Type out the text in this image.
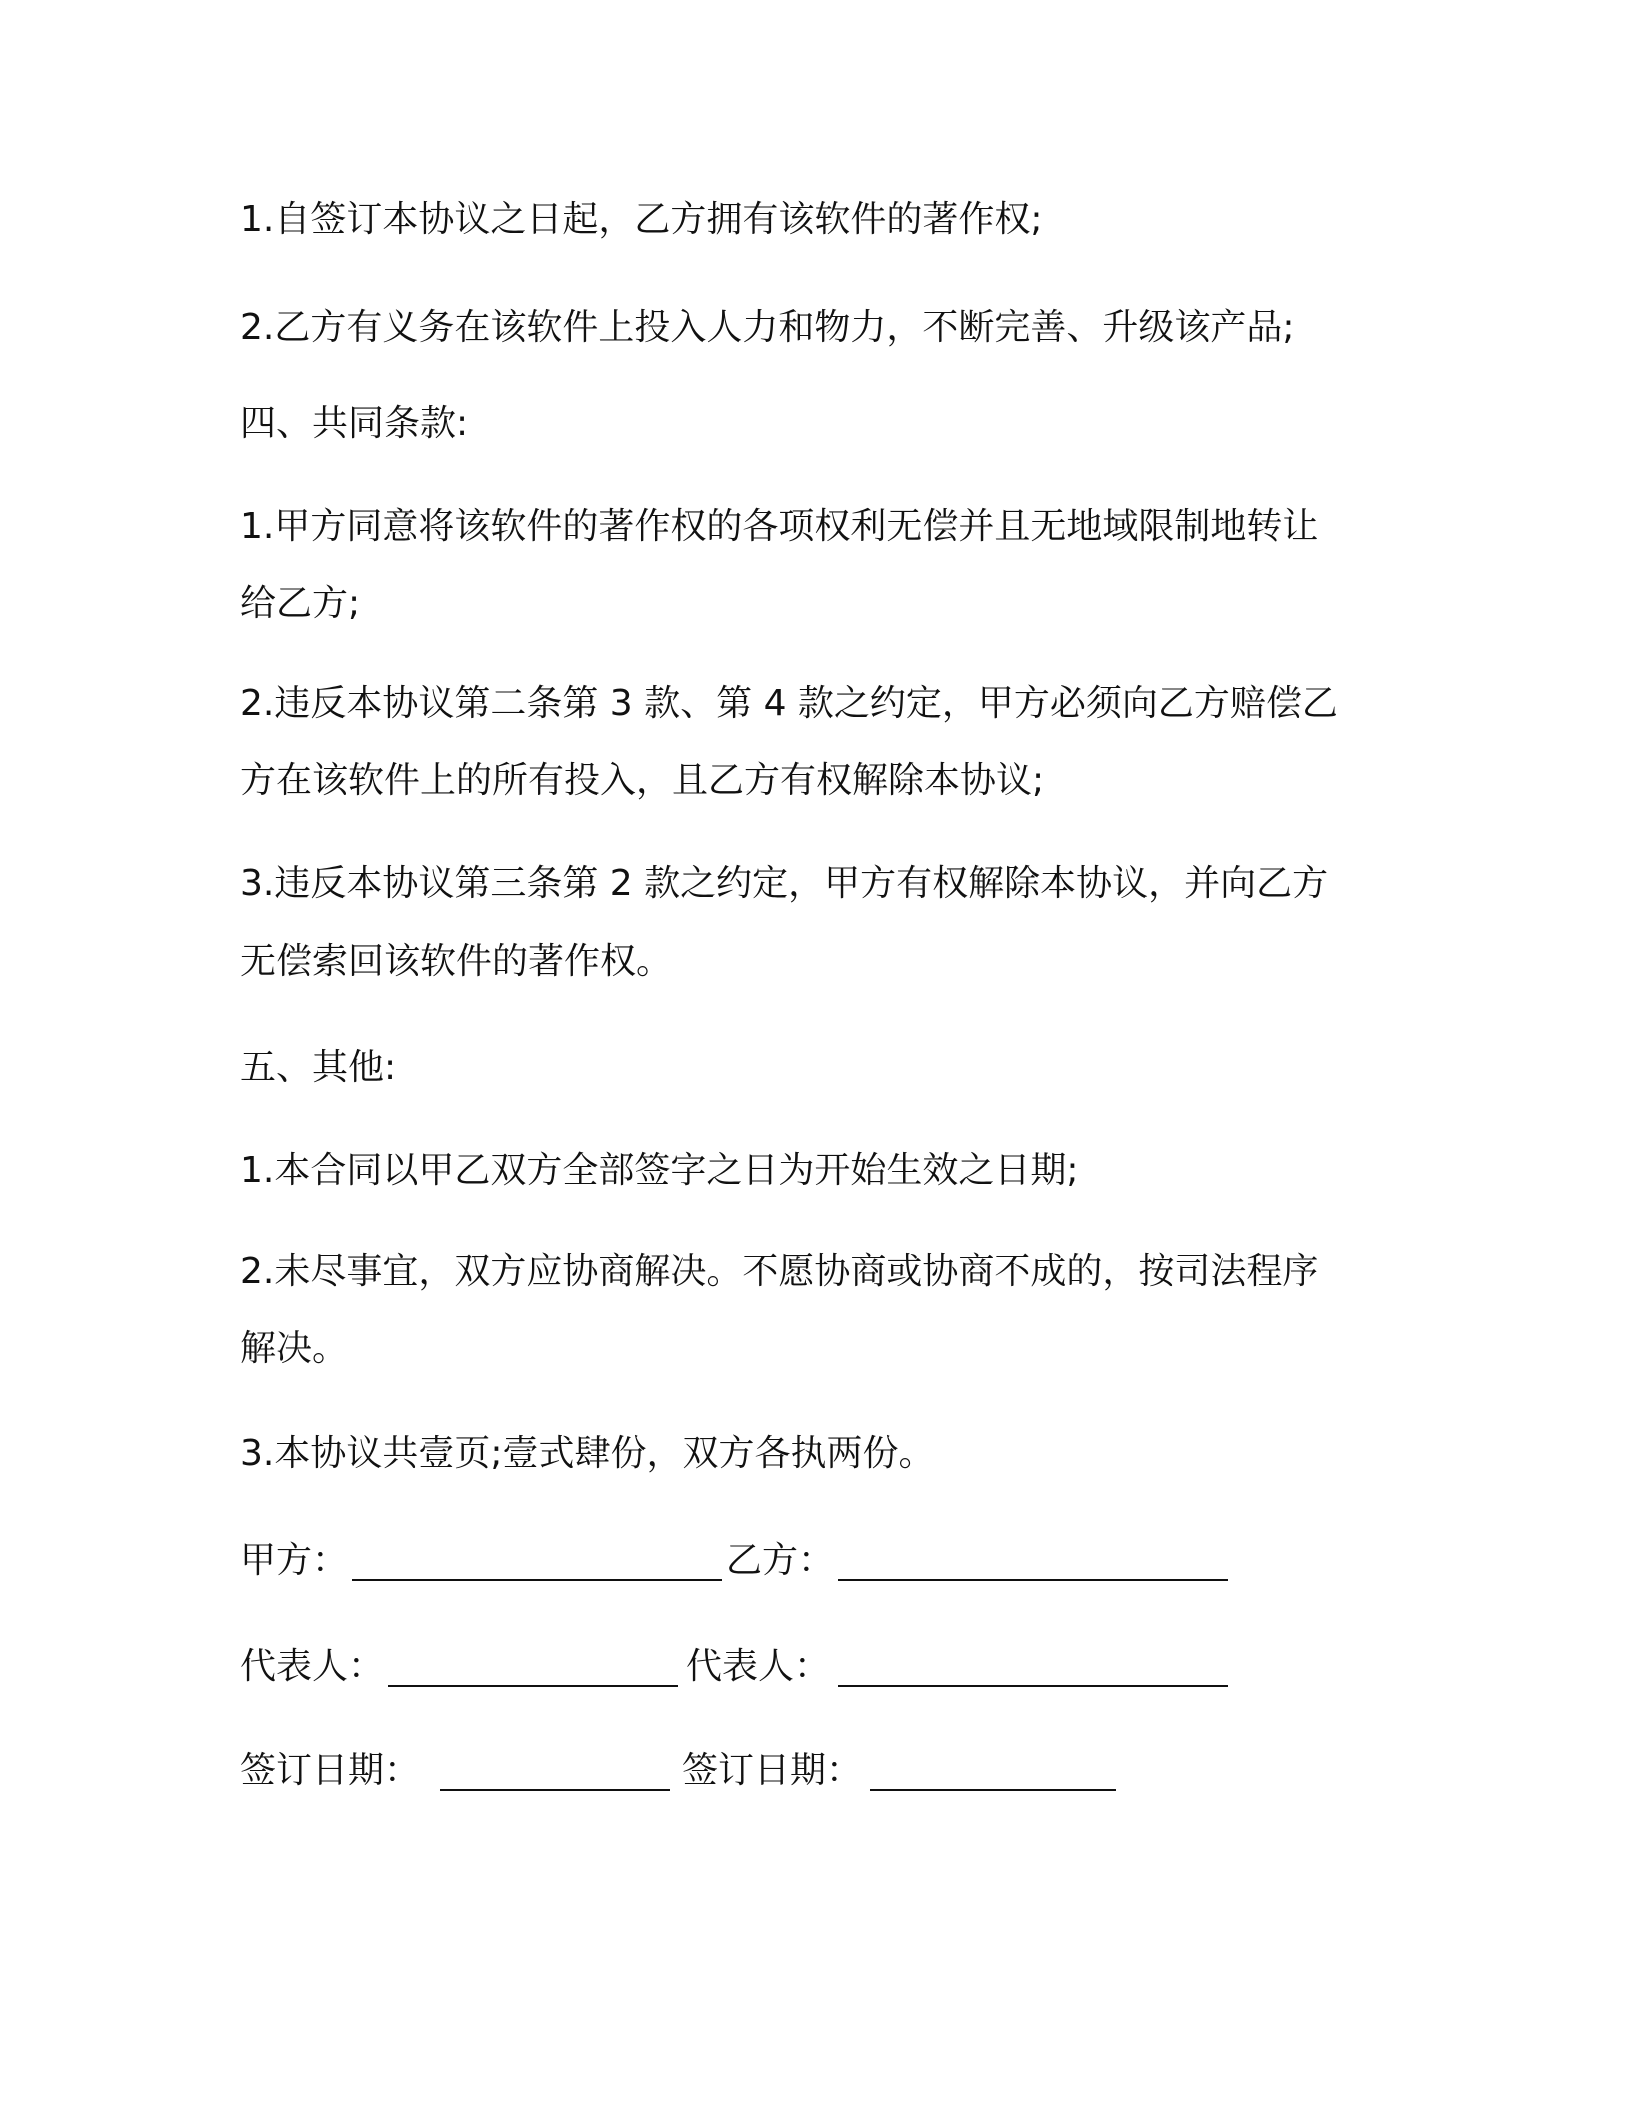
1.自签订本协议之日起，乙方拥有该软件的著作权;
2.乙方有义务在该软件上投入人力和物力，不断完善、升级该产品;
四、共同条款:
1.甲方同意将该软件的著作权的各项权利无偿并且无地域限制地转让
给乙方;
2.违反本协议第二条第 3 款、第 4 款之约定，甲方必须向乙方赔偿乙
方在该软件上的所有投入，且乙方有权解除本协议;
3.违反本协议第三条第 2 款之约定，甲方有权解除本协议，并向乙方
无偿索回该软件的著作权。
五、其他:
1.本合同以甲乙双方全部签字之日为开始生效之日期;
2.未尽事宜，双方应协商解决。不愿协商或协商不成的，按司法程序
解决。
3.本协议共壹页;壹式肆份，双方各执两份。
甲方：	乙方：
代表人：	代表人：
签订日期：	签订日期：
